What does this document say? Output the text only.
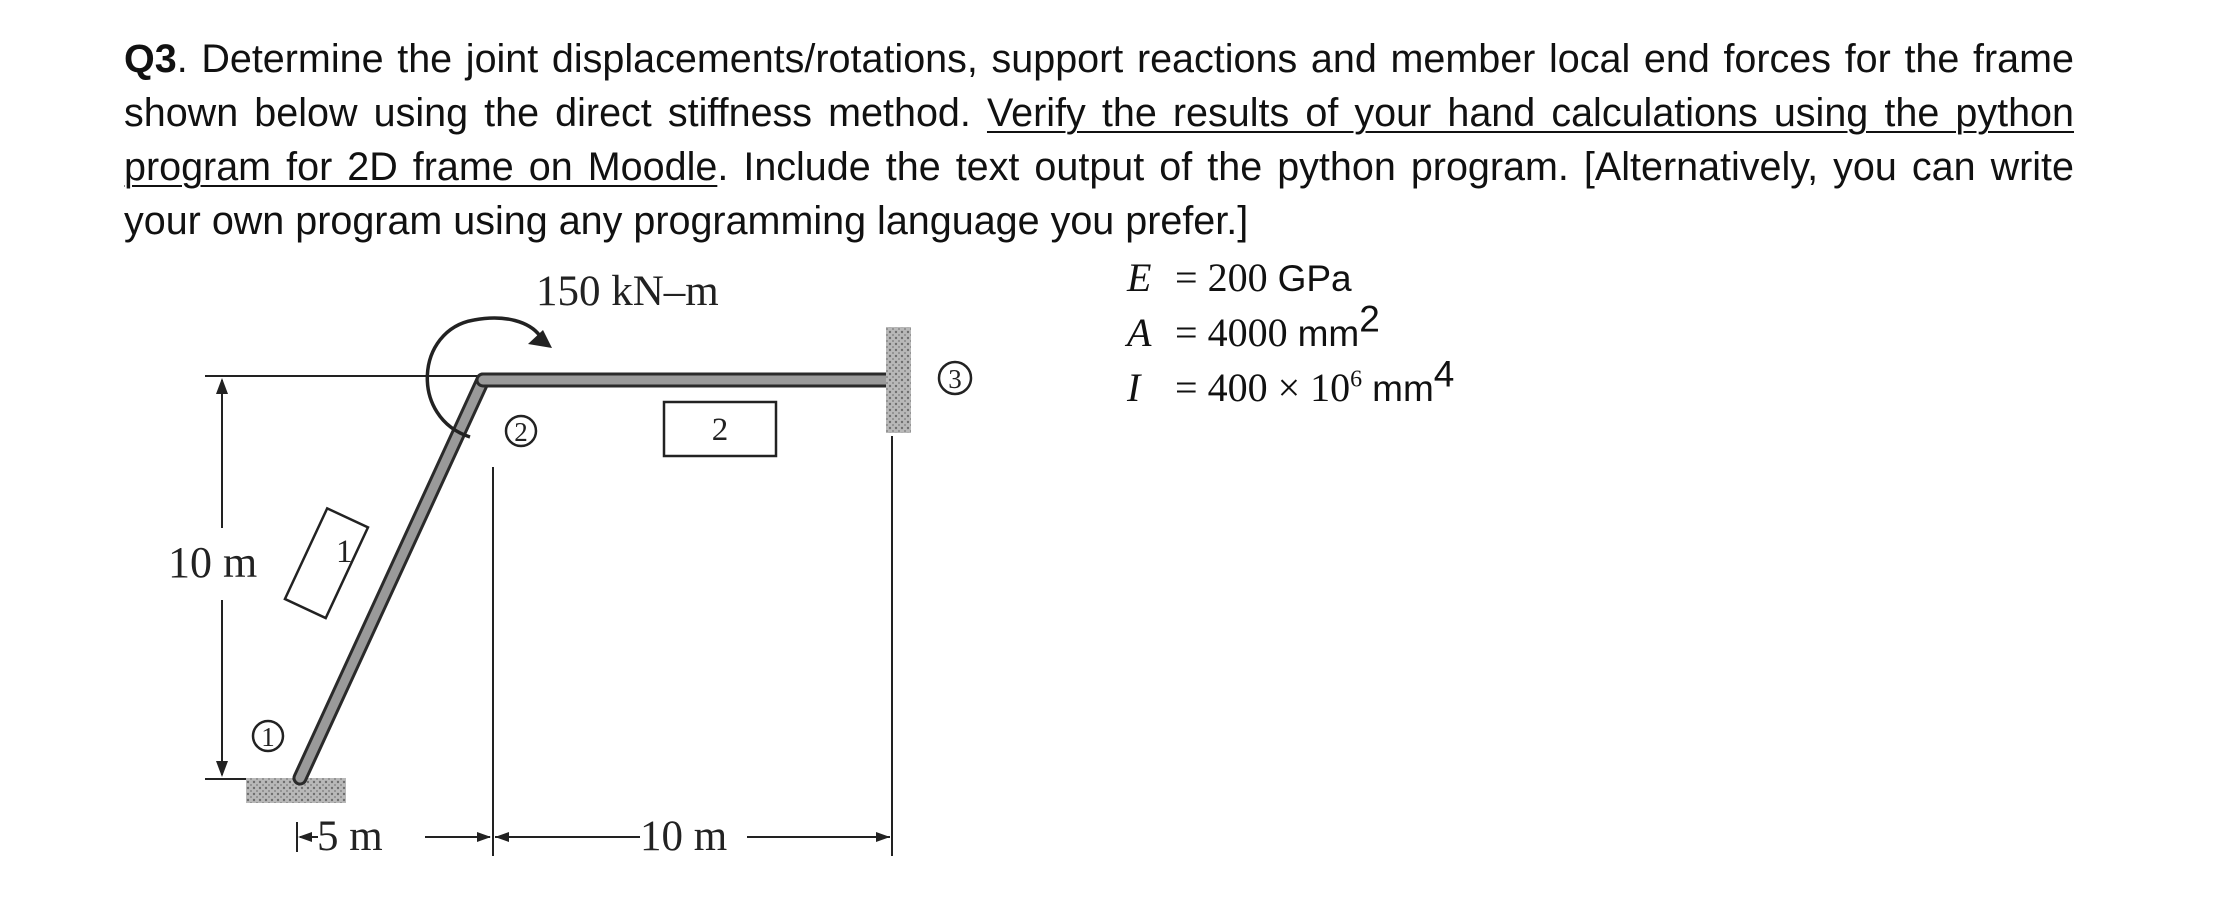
Q3. Determine the joint displacements/rotations, support reactions and member local end forces for the frame shown below using the direct stiffness method. Verify the results of your hand calculations using the python program for 2D frame on Moodle. Include the text output of the python program. [Alternatively, you can write your own program using any programming language you prefer.]
E = 200 GPa
A = 4000 $mm^2$
$I = 400 \times 10^6$ $mm^4$
10 m
150 kN–m
1
2
3
1
2
5 m	10 m
